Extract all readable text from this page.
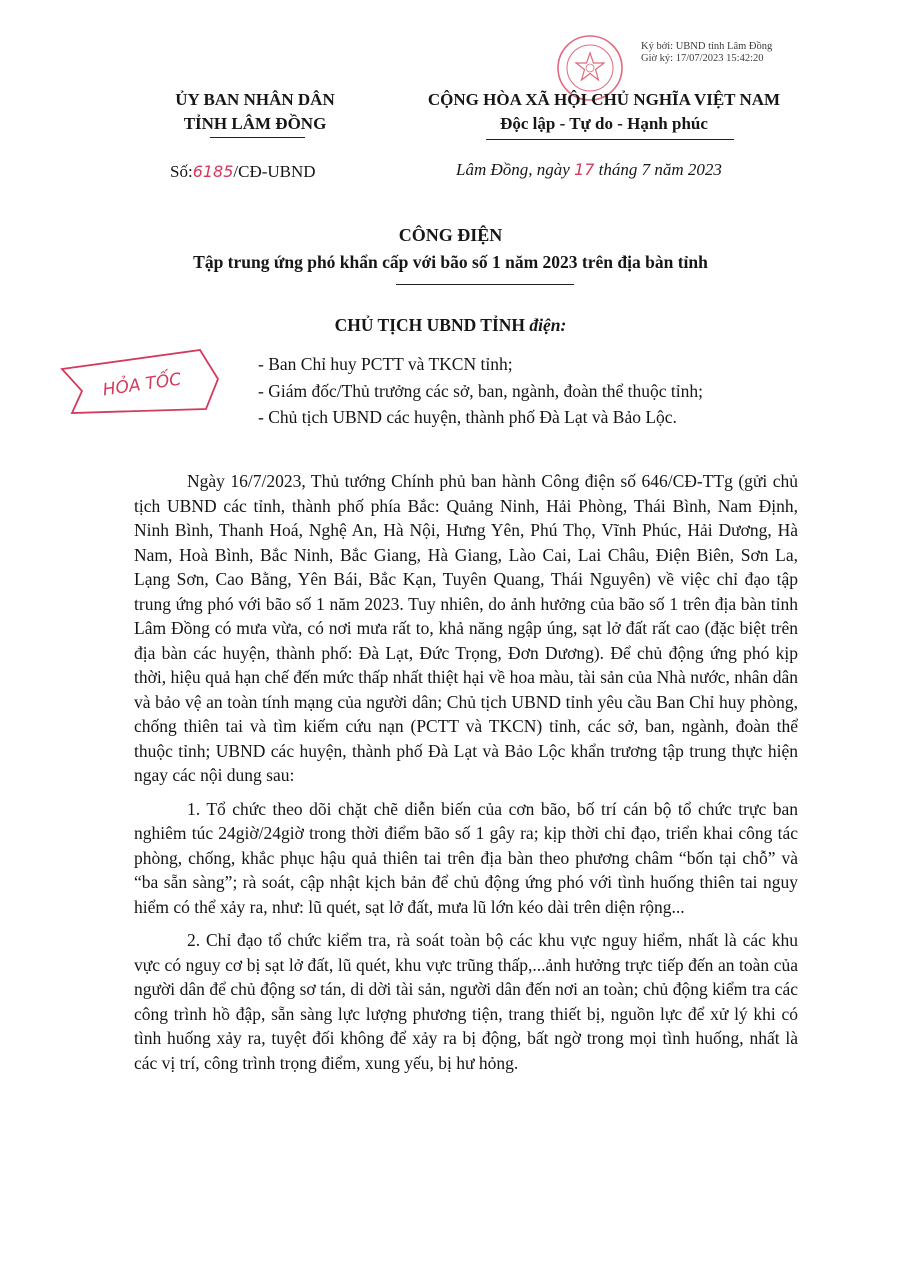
Ký bởi: UBND tỉnh Lâm Đồng
Giờ ký: 17/07/2023 15:42:20
ỦY BAN NHÂN DÂN
TỈNH LÂM ĐỒNG
CỘNG HÒA XÃ HỘI CHỦ NGHĨA VIỆT NAM
Độc lập - Tự do - Hạnh phúc
Số:6185/CĐ-UBND	Lâm Đồng, ngày 17 tháng 7 năm 2023
CÔNG ĐIỆN
Tập trung ứng phó khẩn cấp với bão số 1 năm 2023 trên địa bàn tỉnh
CHỦ TỊCH UBND TỈNH điện:
HỎA TỐC
- Ban Chỉ huy PCTT và TKCN tỉnh;
- Giám đốc/Thủ trưởng các sở, ban, ngành, đoàn thể thuộc tỉnh;
- Chủ tịch UBND các huyện, thành phố Đà Lạt và Bảo Lộc.

Ngày 16/7/2023, Thủ tướng Chính phủ ban hành Công điện số 646/CĐ-TTg (gửi chủ tịch UBND các tỉnh, thành phố phía Bắc: Quảng Ninh, Hải Phòng, Thái Bình, Nam Định, Ninh Bình, Thanh Hoá, Nghệ An, Hà Nội, Hưng Yên, Phú Thọ, Vĩnh Phúc, Hải Dương, Hà Nam, Hoà Bình, Bắc Ninh, Bắc Giang, Hà Giang, Lào Cai, Lai Châu, Điện Biên, Sơn La, Lạng Sơn, Cao Bằng, Yên Bái, Bắc Kạn, Tuyên Quang, Thái Nguyên) về việc chỉ đạo tập trung ứng phó với bão số 1 năm 2023. Tuy nhiên, do ảnh hưởng của bão số 1 trên địa bàn tỉnh Lâm Đồng có mưa vừa, có nơi mưa rất to, khả năng ngập úng, sạt lở đất rất cao (đặc biệt trên địa bàn các huyện, thành phố: Đà Lạt, Đức Trọng, Đơn Dương). Để chủ động ứng phó kịp thời, hiệu quả hạn chế đến mức thấp nhất thiệt hại về hoa màu, tài sản của Nhà nước, nhân dân và bảo vệ an toàn tính mạng của người dân; Chủ tịch UBND tỉnh yêu cầu Ban Chỉ huy phòng, chống thiên tai và tìm kiếm cứu nạn (PCTT và TKCN) tỉnh, các sở, ban, ngành, đoàn thể thuộc tỉnh; UBND các huyện, thành phố Đà Lạt và Bảo Lộc khẩn trương tập trung thực hiện ngay các nội dung sau:

1. Tổ chức theo dõi chặt chẽ diễn biến của cơn bão, bố trí cán bộ tổ chức trực ban nghiêm túc 24giờ/24giờ trong thời điểm bão số 1 gây ra; kịp thời chỉ đạo, triển khai công tác phòng, chống, khắc phục hậu quả thiên tai trên địa bàn theo phương châm “bốn tại chỗ” và “ba sẵn sàng”; rà soát, cập nhật kịch bản để chủ động ứng phó với tình huống thiên tai nguy hiểm có thể xảy ra, như: lũ quét, sạt lở đất, mưa lũ lớn kéo dài trên diện rộng...

2. Chỉ đạo tổ chức kiểm tra, rà soát toàn bộ các khu vực nguy hiểm, nhất là các khu vực có nguy cơ bị sạt lở đất, lũ quét, khu vực trũng thấp,...ảnh hưởng trực tiếp đến an toàn của người dân để chủ động sơ tán, di dời tài sản, người dân đến nơi an toàn; chủ động kiểm tra các công trình hồ đập, sẵn sàng lực lượng phương tiện, trang thiết bị, nguồn lực để xử lý khi có tình huống xảy ra, tuyệt đối không để xảy ra bị động, bất ngờ trong mọi tình huống, nhất là các vị trí, công trình trọng điểm, xung yếu, bị hư hỏng.
